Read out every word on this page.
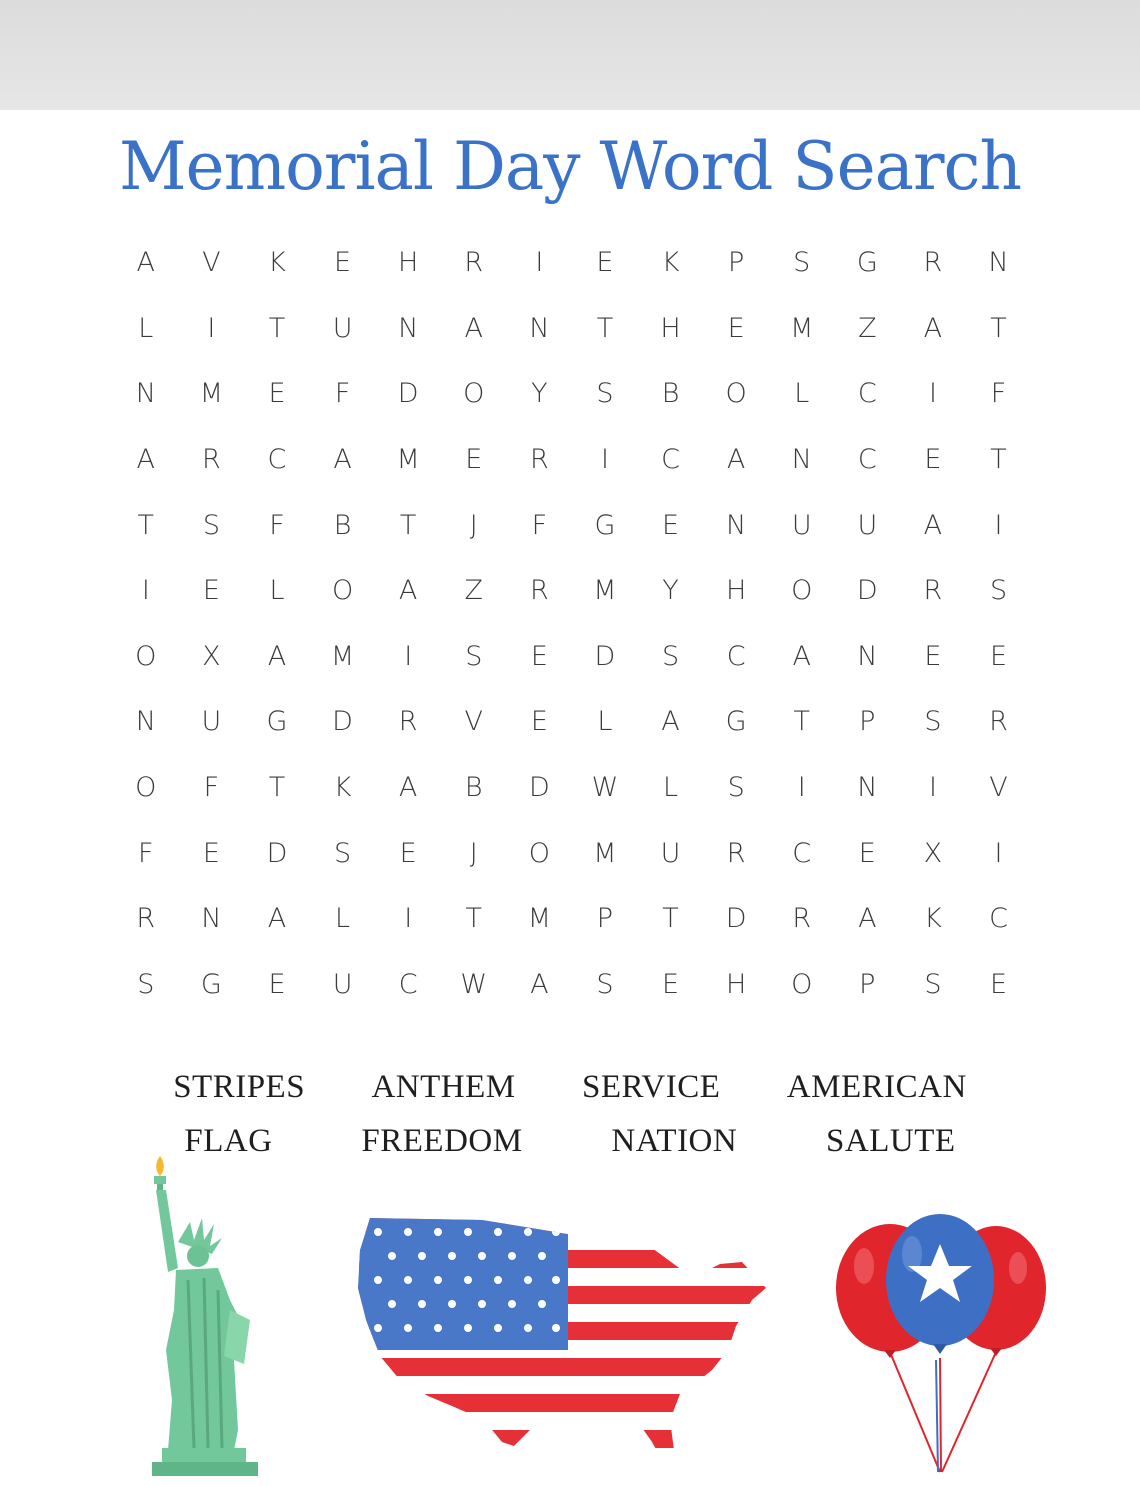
Memorial Day Word Search
A	V	K	E	H	R	I	E	K	P	S	G	R	N
L	I	T	U	N	A	N	T	H	E	M	Z	A	T
N	M	E	F	D	O	Y	S	B	O	L	C	I	F
A	R	C	A	M	E	R	I	C	A	N	C	E	T
T	S	F	B	T	J	F	G	E	N	U	U	A	I
I	E	L	O	A	Z	R	M	Y	H	O	D	R	S
O	X	A	M	I	S	E	D	S	C	A	N	E	E
N	U	G	D	R	V	E	L	A	G	T	P	S	R
O	F	T	K	A	B	D	W	L	S	I	N	I	V
F	E	D	S	E	J	O	M	U	R	C	E	X	I
R	N	A	L	I	T	M	P	T	D	R	A	K	C
S	G	E	U	C	W	A	S	E	H	O	P	S	E
STRIPES ANTHEM SERVICE AMERICAN
FLAG	FREEDOM	NATION	SALUTE
